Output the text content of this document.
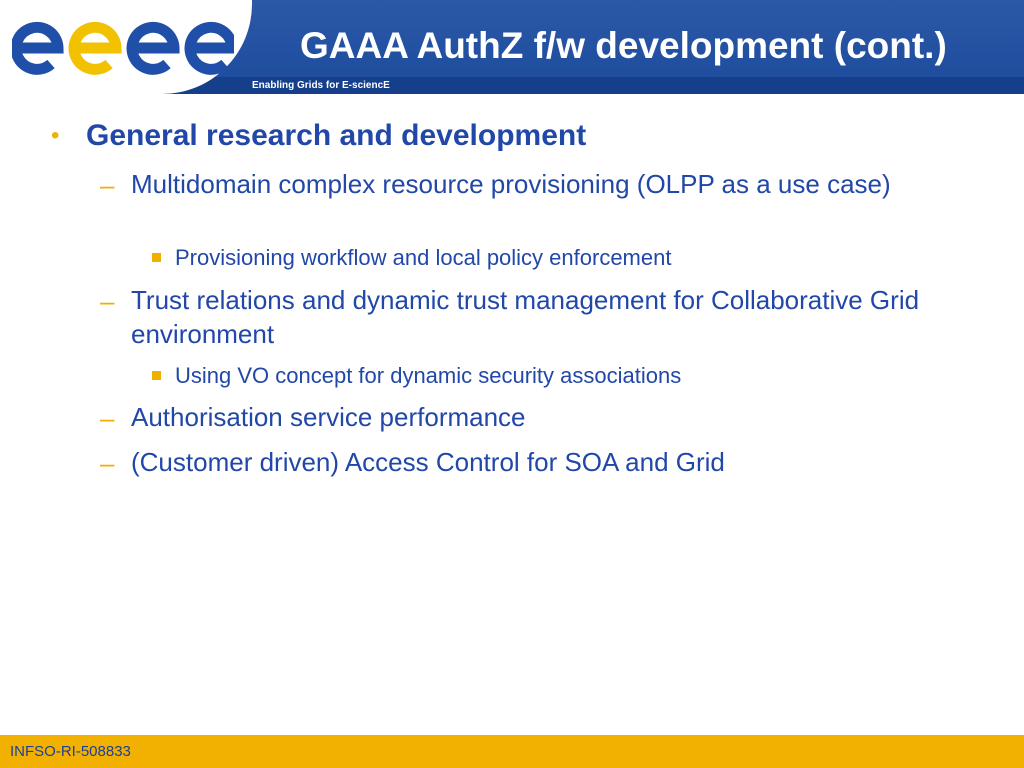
GAAA AuthZ f/w development (cont.)
Enabling Grids for E-sciencE
• General research and development
– Multidomain complex resource provisioning (OLPP as a use case)
Provisioning workflow and local policy enforcement
– Trust relations and dynamic trust management for Collaborative Grid environment
Using VO concept for dynamic security associations
– Authorisation service performance
– (Customer driven) Access Control for SOA and Grid
INFSO-RI-508833
